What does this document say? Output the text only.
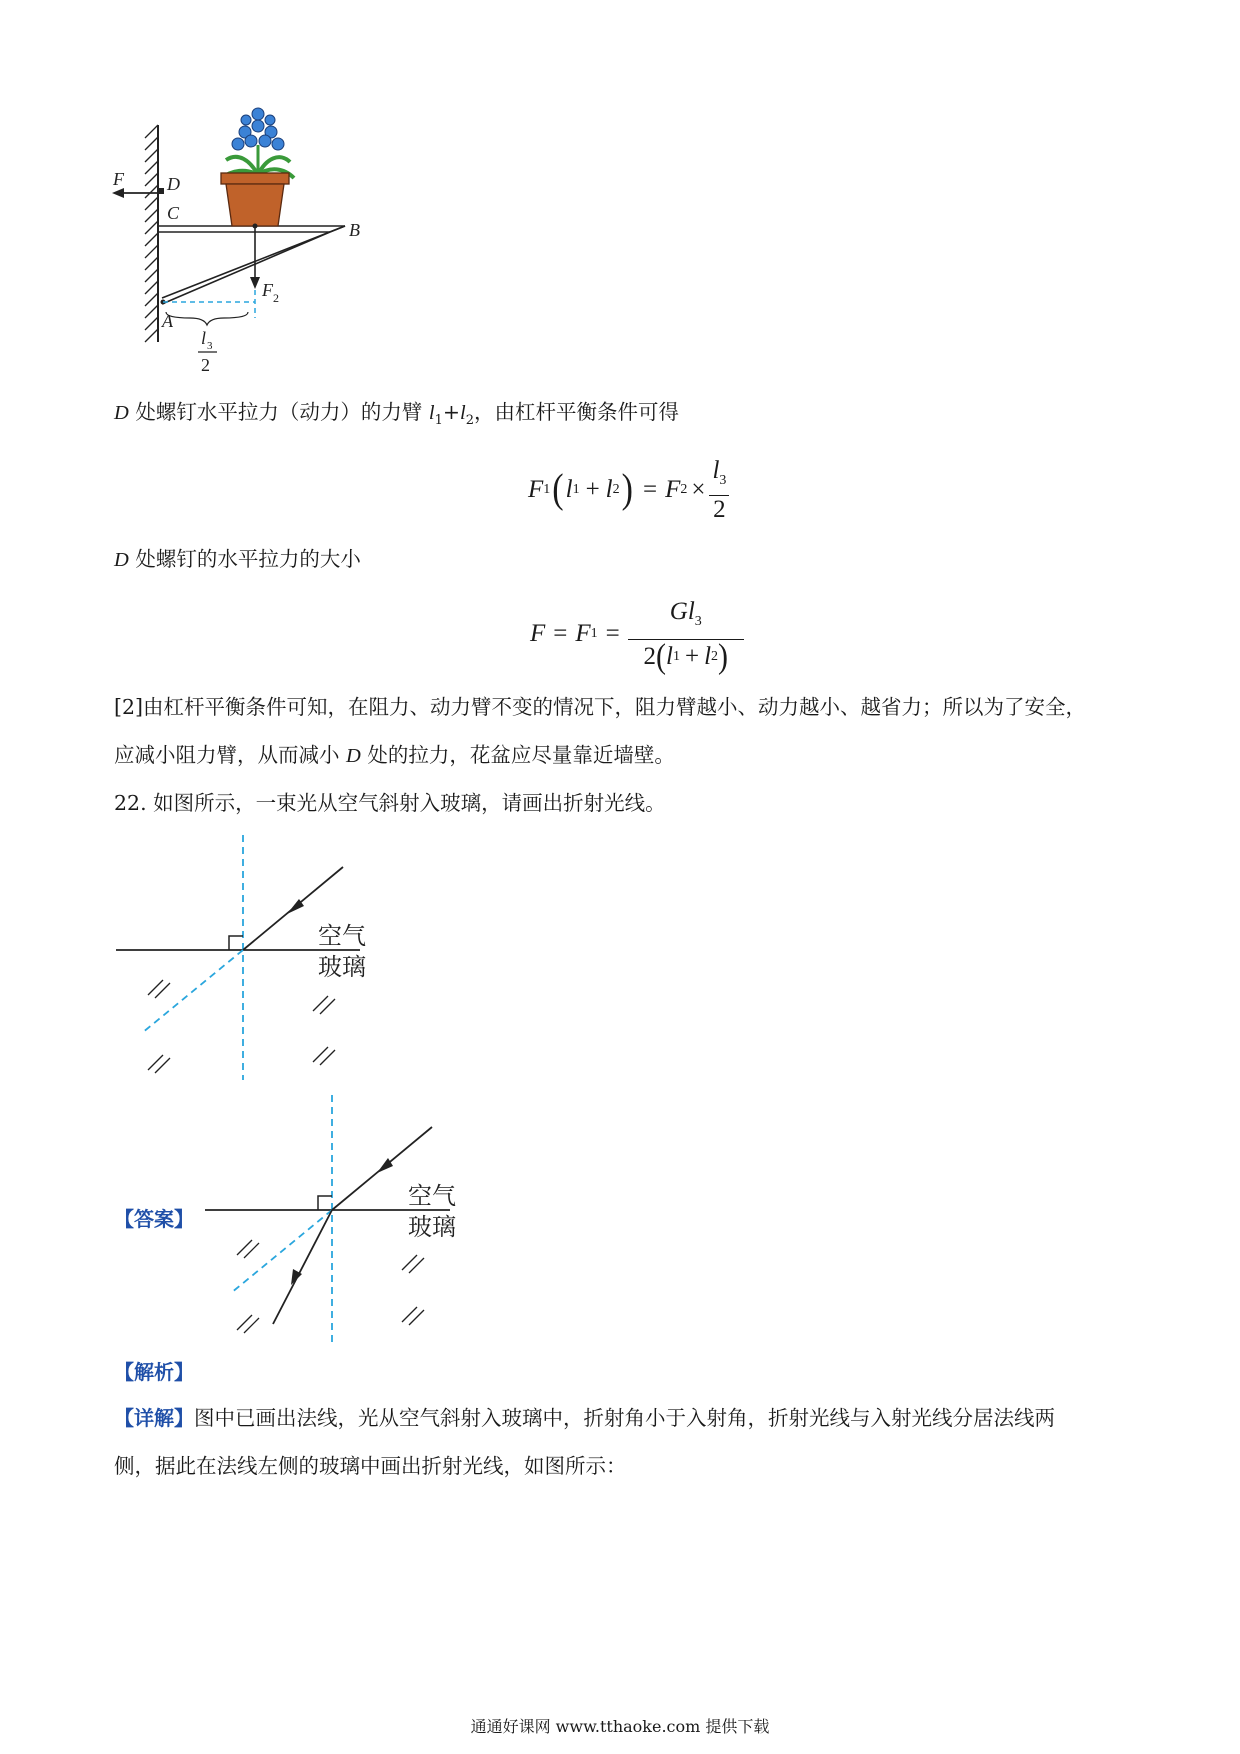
F D
C
B
A
F 2
l 3
2
D 处螺钉水平拉力（动力）的力臂 $l_1+l_2$，由杠杆平衡条件可得
F 1 ( l 1 + l 2 ) = F $2 \times \frac{l_3}{2}$
D 处螺钉的水平拉力的大小
F = F $1 = \frac{Gl_3}{2 ( l 1 + l 2 )}$
[2]由杠杆平衡条件可知，在阻力、动力臂不变的情况下，阻力臂越小、动力越小、越省力；所以为了安全，
应减小阻力臂，从而减小 D 处的拉力，花盆应尽量靠近墙壁。
22. 如图所示，一束光从空气斜射入玻璃，请画出折射光线。
空气
玻璃
【答案】
空气
玻璃
【解析】
【详解】图中已画出法线，光从空气斜射入玻璃中，折射角小于入射角，折射光线与入射光线分居法线两
侧，据此在法线左侧的玻璃中画出折射光线，如图所示：
通通好课网 www.tthaoke.com 提供下载
